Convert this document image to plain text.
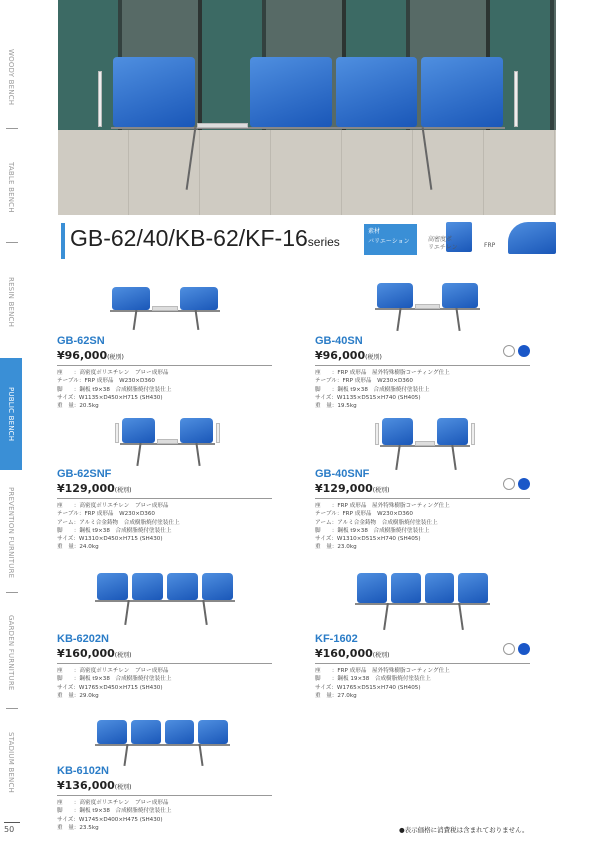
WOODY BENCH
TABLE BENCH
RESIN BENCH
PUBLIC BENCH
PREVENTION FURNITURE
GARDEN FURNITURE
STADIUM BENCH
50
GB-62/40/KB-62/KF-16series
素材
バリエーション	高密度ポリエチレン	FRP
GB-62SN
¥96,000(税別)
座　　：高密度ポリエチレン　ブロー成形品
テーブル：FRP 成形品　W230×D360
脚　　：鋼板 t9×38　合成樹脂焼付塗装仕上
サイズ：W1135×D450×H715 (SH430)
重　量：20.5kg
GB-40SN
¥96,000(税別)
座　　：FRP 成形品　屋外特殊樹脂コーティング仕上
テーブル：FRP 成形品　W230×D360
脚　　：鋼板 t9×38　合成樹脂焼付塗装仕上
サイズ：W1135×D515×H740 (SH405)
重　量：19.5kg
GB-62SNF
¥129,000(税別)
座　　：高密度ポリエチレン　ブロー成形品
テーブル：FRP 成形品　W230×D360
アーム：アルミ合金鋳物　合成樹脂焼付塗装仕上
脚　　：鋼板 t9×38　合成樹脂焼付塗装仕上
サイズ：W1310×D450×H715 (SH430)
重　量：24.0kg
GB-40SNF
¥129,000(税別)
座　　：FRP 成形品　屋外特殊樹脂コーティング仕上
テーブル：FRP 成形品　W230×D360
アーム：アルミ合金鋳物　合成樹脂焼付塗装仕上
脚　　：鋼板 t9×38　合成樹脂焼付塗装仕上
サイズ：W1310×D515×H740 (SH405)
重　量：23.0kg
KB-6202N
¥160,000(税別)
座　　：高密度ポリエチレン　ブロー成形品
脚　　：鋼板 t9×38　合成樹脂焼付塗装仕上
サイズ：W1765×D450×H715 (SH430)
重　量：29.0kg
KF-1602
¥160,000(税別)
座　　：FRP 成形品　屋外特殊樹脂コーティング仕上
脚　　：鋼板 19×38　合成樹脂焼付塗装仕上
サイズ：W1765×D515×H740 (SH405)
重　量：27.0kg
KB-6102N
¥136,000(税別)
座　　：高密度ポリエチレン　ブロー成形品
脚　　：鋼板 t9×38　合成樹脂焼付塗装仕上
サイズ：W1745×D400×H475 (SH430)
重　量：23.5kg	●表示価格に消費税は含まれておりません。
